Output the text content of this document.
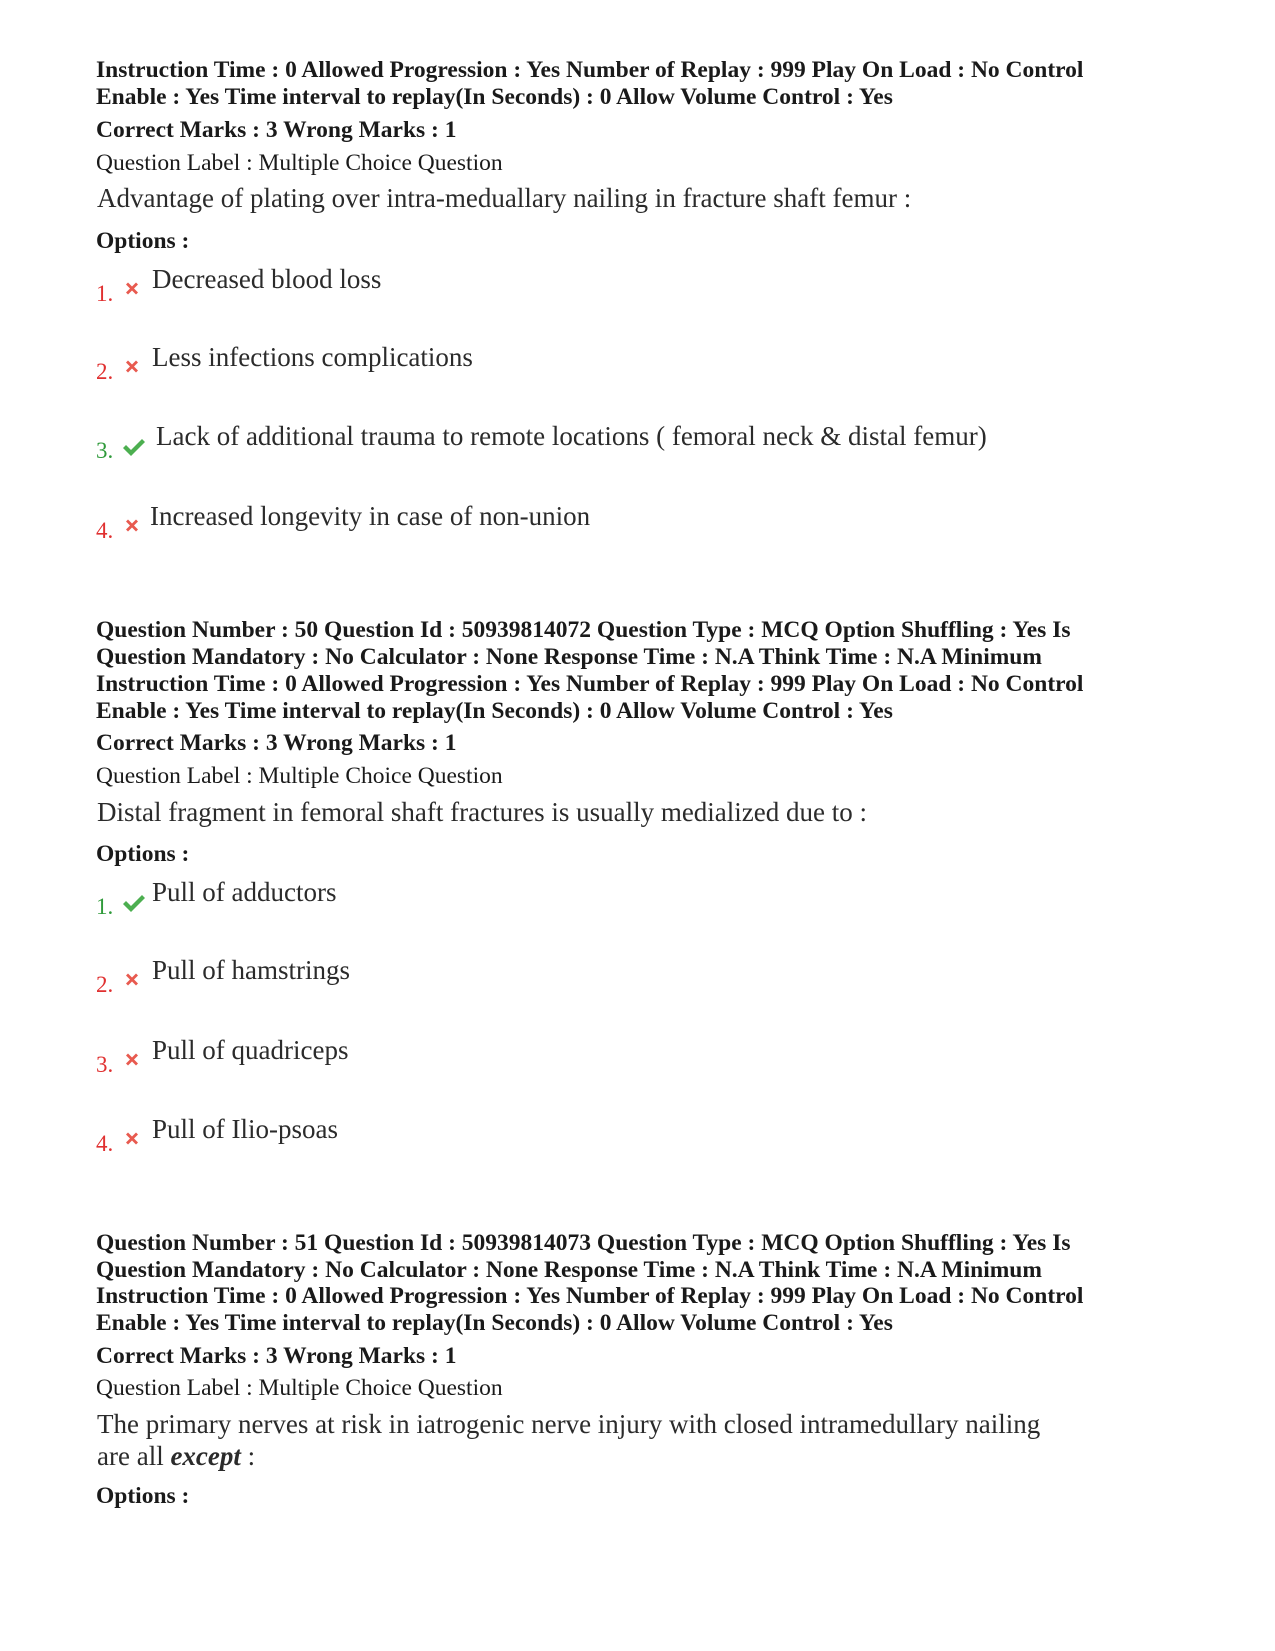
Instruction Time : 0 Allowed Progression : Yes Number of Replay : 999 Play On Load : No Control
Enable : Yes Time interval to replay(In Seconds) : 0 Allow Volume Control : Yes
Correct Marks : 3 Wrong Marks : 1
Question Label : Multiple Choice Question
Advantage of plating over intra-meduallary nailing in fracture shaft femur :
Options :
1. Decreased blood loss
2. Less infections complications
3. Lack of additional trauma to remote locations ( femoral neck & distal femur)
4. Increased longevity in case of non-union
Question Number : 50 Question Id : 50939814072 Question Type : MCQ Option Shuffling : Yes Is
Question Mandatory : No Calculator : None Response Time : N.A Think Time : N.A Minimum
Instruction Time : 0 Allowed Progression : Yes Number of Replay : 999 Play On Load : No Control
Enable : Yes Time interval to replay(In Seconds) : 0 Allow Volume Control : Yes
Correct Marks : 3 Wrong Marks : 1
Question Label : Multiple Choice Question
Distal fragment in femoral shaft fractures is usually medialized due to :
Options :
1. Pull of adductors
2. Pull of hamstrings
3. Pull of quadriceps
4. Pull of Ilio-psoas
Question Number : 51 Question Id : 50939814073 Question Type : MCQ Option Shuffling : Yes Is
Question Mandatory : No Calculator : None Response Time : N.A Think Time : N.A Minimum
Instruction Time : 0 Allowed Progression : Yes Number of Replay : 999 Play On Load : No Control
Enable : Yes Time interval to replay(In Seconds) : 0 Allow Volume Control : Yes
Correct Marks : 3 Wrong Marks : 1
Question Label : Multiple Choice Question
The primary nerves at risk in iatrogenic nerve injury with closed intramedullary nailing
are all except :
Options :
